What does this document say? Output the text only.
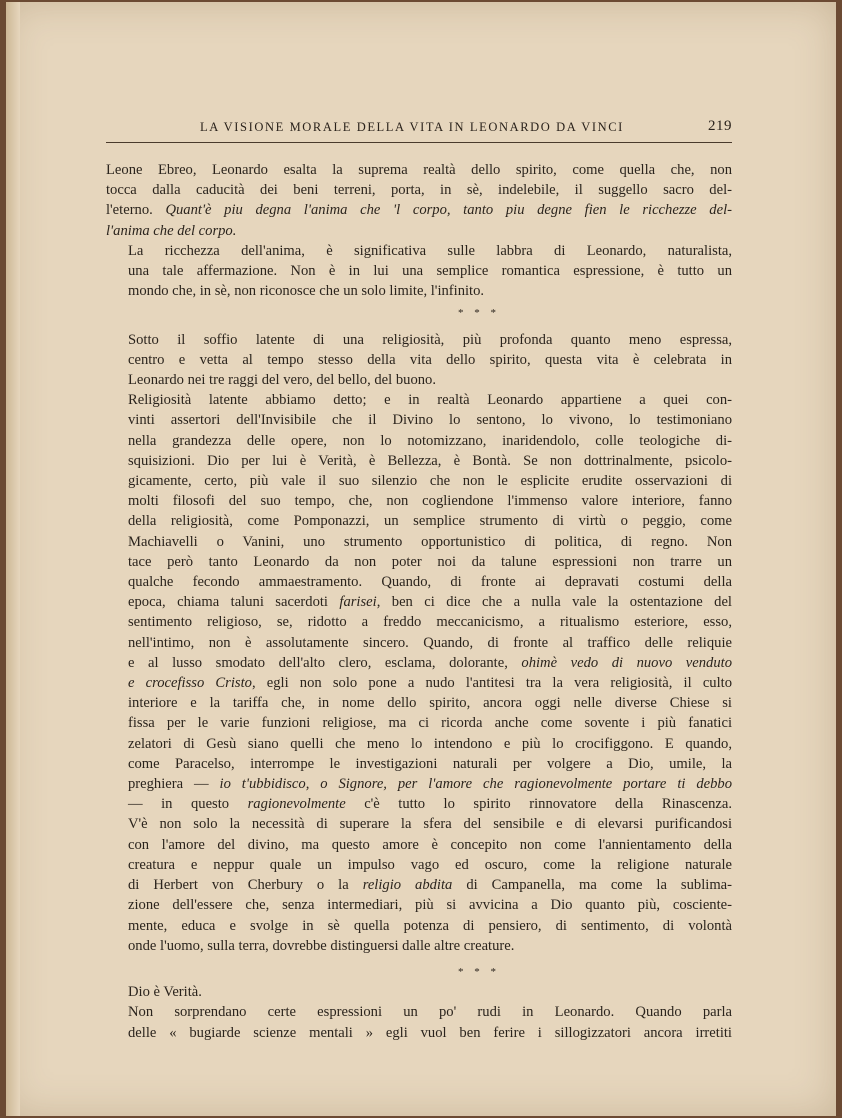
LA VISIONE MORALE DELLA VITA IN LEONARDO DA VINCI	219

Leone Ebreo, Leonardo esalta la suprema realtà dello spirito, come quella che, non
tocca dalla caducità dei beni terreni, porta, in sè, indelebile, il suggello sacro del-
l'eterno. Quant'è piu degna l'anima che 'l corpo, tanto piu degne fien le ricchezze del-
l'anima che del corpo.

La ricchezza dell'anima, è significativa sulle labbra di Leonardo, naturalista,
una tale affermazione. Non è in lui una semplice romantica espressione, è tutto un
mondo che, in sè, non riconosce che un solo limite, l'infinito.

* * *

Sotto il soffio latente di una religiosità, più profonda quanto meno espressa,
centro e vetta al tempo stesso della vita dello spirito, questa vita è celebrata in
Leonardo nei tre raggi del vero, del bello, del buono.

Religiosità latente abbiamo detto; e in realtà Leonardo appartiene a quei con-
vinti assertori dell'Invisibile che il Divino lo sentono, lo vivono, lo testimoniano
nella grandezza delle opere, non lo notomizzano, inaridendolo, colle teologiche di-
squisizioni. Dio per lui è Verità, è Bellezza, è Bontà. Se non dottrinalmente, psicolo-
gicamente, certo, più vale il suo silenzio che non le esplicite erudite osservazioni di
molti filosofi del suo tempo, che, non cogliendone l'immenso valore interiore, fanno
della religiosità, come Pomponazzi, un semplice strumento di virtù o peggio, come
Machiavelli o Vanini, uno strumento opportunistico di politica, di regno. Non
tace però tanto Leonardo da non poter noi da talune espressioni non trarre un
qualche fecondo ammaestramento. Quando, di fronte ai depravati costumi della
epoca, chiama taluni sacerdoti farisei, ben ci dice che a nulla vale la ostentazione del
sentimento religioso, se, ridotto a freddo meccanicismo, a ritualismo esteriore, esso,
nell'intimo, non è assolutamente sincero. Quando, di fronte al traffico delle reliquie
e al lusso smodato dell'alto clero, esclama, dolorante, ohimè vedo di nuovo venduto
e crocefisso Cristo, egli non solo pone a nudo l'antitesi tra la vera religiosità, il culto
interiore e la tariffa che, in nome dello spirito, ancora oggi nelle diverse Chiese si
fissa per le varie funzioni religiose, ma ci ricorda anche come sovente i più fanatici
zelatori di Gesù siano quelli che meno lo intendono e più lo crocifiggono. E quando,
come Paracelso, interrompe le investigazioni naturali per volgere a Dio, umile, la
preghiera — io t'ubbidisco, o Signore, per l'amore che ragionevolmente portare ti debbo
— in questo ragionevolmente c'è tutto lo spirito rinnovatore della Rinascenza.
V'è non solo la necessità di superare la sfera del sensibile e di elevarsi purificandosi
con l'amore del divino, ma questo amore è concepito non come l'annientamento della
creatura e neppur quale un impulso vago ed oscuro, come la religione naturale
di Herbert von Cherbury o la religio abdita di Campanella, ma come la sublima-
zione dell'essere che, senza intermediari, più si avvicina a Dio quanto più, cosciente-
mente, educa e svolge in sè quella potenza di pensiero, di sentimento, di volontà
onde l'uomo, sulla terra, dovrebbe distinguersi dalle altre creature.

* * *

Dio è Verità.

Non sorprendano certe espressioni un po' rudi in Leonardo. Quando parla
delle « bugiarde scienze mentali » egli vuol ben ferire i sillogizzatori ancora irretiti
